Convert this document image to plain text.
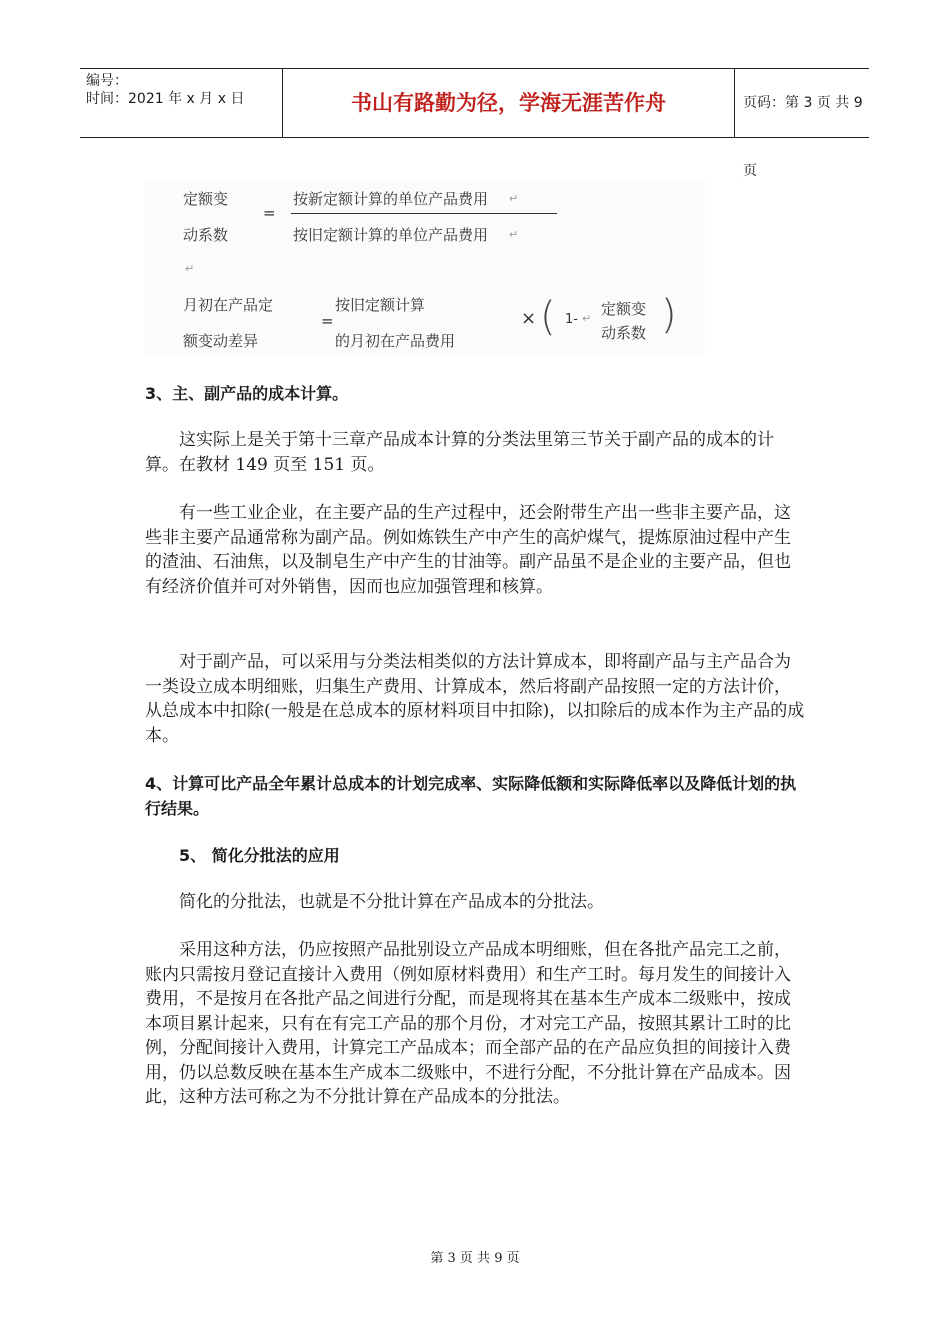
编号：
时间：2021 年 x 月 x 日	书山有路勤为径，学海无涯苦作舟	页码：第 3 页 共 9 页
定额变
动系数
=
按新定额计算的单位产品费用 ↵
按旧定额计算的单位产品费用 ↵
↵
月初在产品定
额变动差异
=
按旧定额计算
的月初在产品费用
× ( 1- ↵
定额变
动系数 )

3、主、副产品的成本计算。

这实际上是关于第十三章产品成本计算的分类法里第三节关于副产品的成本的计算。在教材 149 页至 151 页。

有一些工业企业，在主要产品的生产过程中，还会附带生产出一些非主要产品，这些非主要产品通常称为副产品。例如炼铁生产中产生的高炉煤气，提炼原油过程中产生的渣油、石油焦，以及制皂生产中产生的甘油等。副产品虽不是企业的主要产品，但也有经济价值并可对外销售，因而也应加强管理和核算。

对于副产品，可以采用与分类法相类似的方法计算成本，即将副产品与主产品合为一类设立成本明细账，归集生产费用、计算成本，然后将副产品按照一定的方法计价，从总成本中扣除(一般是在总成本的原材料项目中扣除)，以扣除后的成本作为主产品的成本。

4、计算可比产品全年累计总成本的计划完成率、实际降低额和实际降低率以及降低计划的执行结果。

5、 简化分批法的应用

简化的分批法，也就是不分批计算在产品成本的分批法。

采用这种方法，仍应按照产品批别设立产品成本明细账，但在各批产品完工之前，账内只需按月登记直接计入费用（例如原材料费用）和生产工时。每月发生的间接计入费用，不是按月在各批产品之间进行分配，而是现将其在基本生产成本二级账中，按成本项目累计起来，只有在有完工产品的那个月份，才对完工产品，按照其累计工时的比例，分配间接计入费用，计算完工产品成本；而全部产品的在产品应负担的间接计入费用，仍以总数反映在基本生产成本二级账中，不进行分配，不分批计算在产品成本。因此，这种方法可称之为不分批计算在产品成本的分批法。

第 3 页 共 9 页
